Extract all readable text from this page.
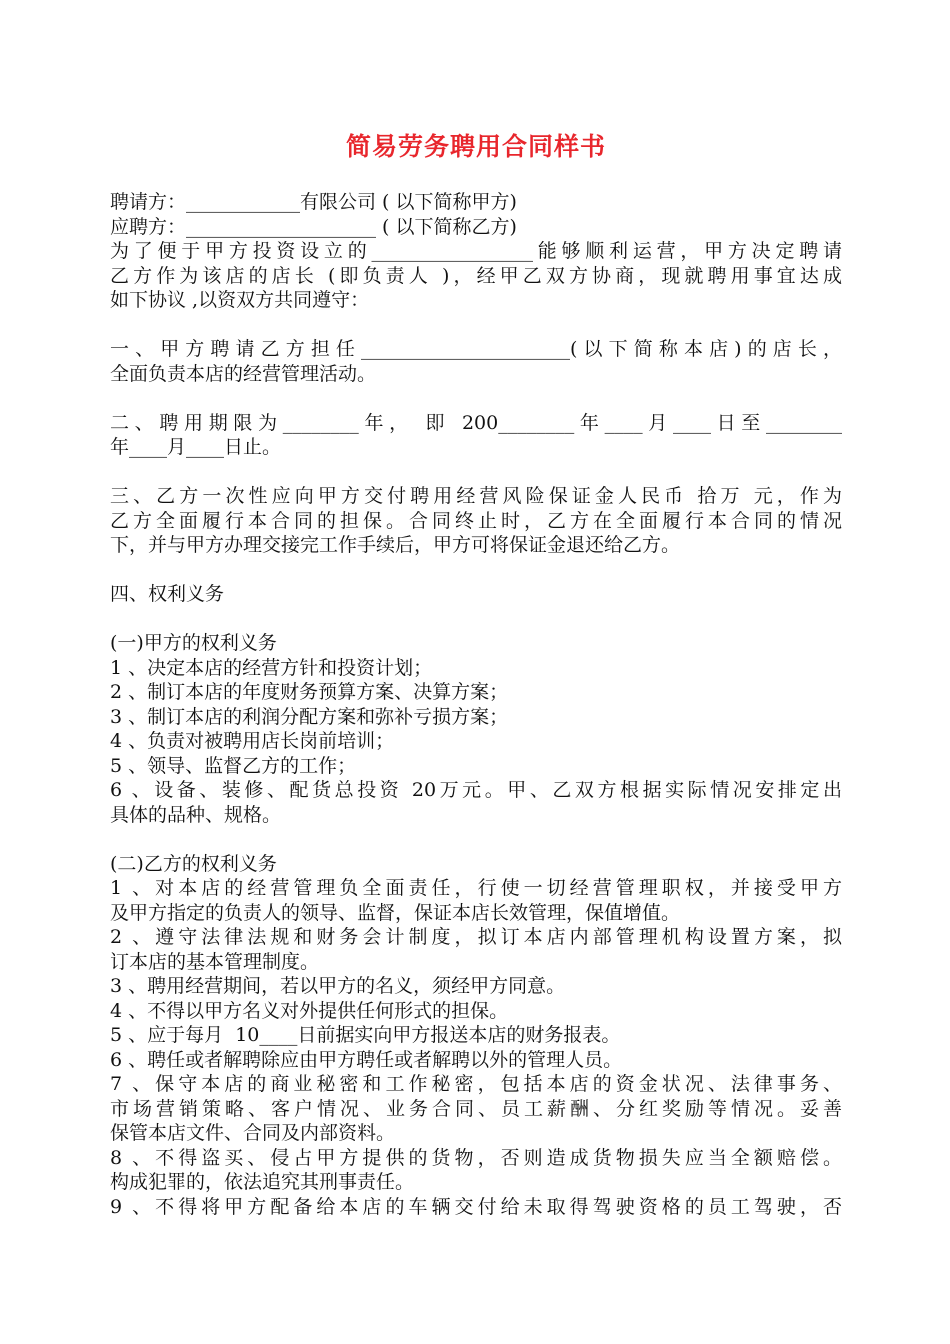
简易劳务聘用合同样书
聘请方：____________有限公司 ( 以下简称甲方)
应聘方：____________________ ( 以下简称乙方)
为了便于甲方投资设立的_________________能够顺利运营，甲方决定聘请
乙方作为该店的店长 (即负责人 )，经甲乙双方协商，现就聘用事宜达成
如下协议 ,以资双方共同遵守：
一、甲方聘请乙方担任______________________(以下简称本店)的店长，
全面负责本店的经营管理活动。
二、聘用期限为________年， 即 200________年____月____日至________
年____月____日止。
三、乙方一次性应向甲方交付聘用经营风险保证金人民币 拾万 元，作为
乙方全面履行本合同的担保。合同终止时，乙方在全面履行本合同的情况
下，并与甲方办理交接完工作手续后，甲方可将保证金退还给乙方。
四、权利义务
(一)甲方的权利义务
1 、决定本店的经营方针和投资计划；
2 、制订本店的年度财务预算方案、决算方案；
3 、制订本店的利润分配方案和弥补亏损方案；
4 、负责对被聘用店长岗前培训；
5 、领导、监督乙方的工作；
6 、设备、装修、配货总投资 20万元。甲、乙双方根据实际情况安排定出
具体的品种、规格。
(二)乙方的权利义务
1 、对本店的经营管理负全面责任，行使一切经营管理职权，并接受甲方
及甲方指定的负责人的领导、监督，保证本店长效管理，保值增值。
2 、遵守法律法规和财务会计制度，拟订本店内部管理机构设置方案，拟
订本店的基本管理制度。
3 、聘用经营期间，若以甲方的名义，须经甲方同意。
4 、不得以甲方名义对外提供任何形式的担保。
5 、应于每月  10____日前据实向甲方报送本店的财务报表。
6 、聘任或者解聘除应由甲方聘任或者解聘以外的管理人员。
7 、保守本店的商业秘密和工作秘密，包括本店的资金状况、法律事务、
市场营销策略、客户情况、业务合同、员工薪酬、分红奖励等情况。妥善
保管本店文件、合同及内部资料。
8 、不得盗买、侵占甲方提供的货物，否则造成货物损失应当全额赔偿。
构成犯罪的，依法追究其刑事责任。
9 、不得将甲方配备给本店的车辆交付给未取得驾驶资格的员工驾驶，否
